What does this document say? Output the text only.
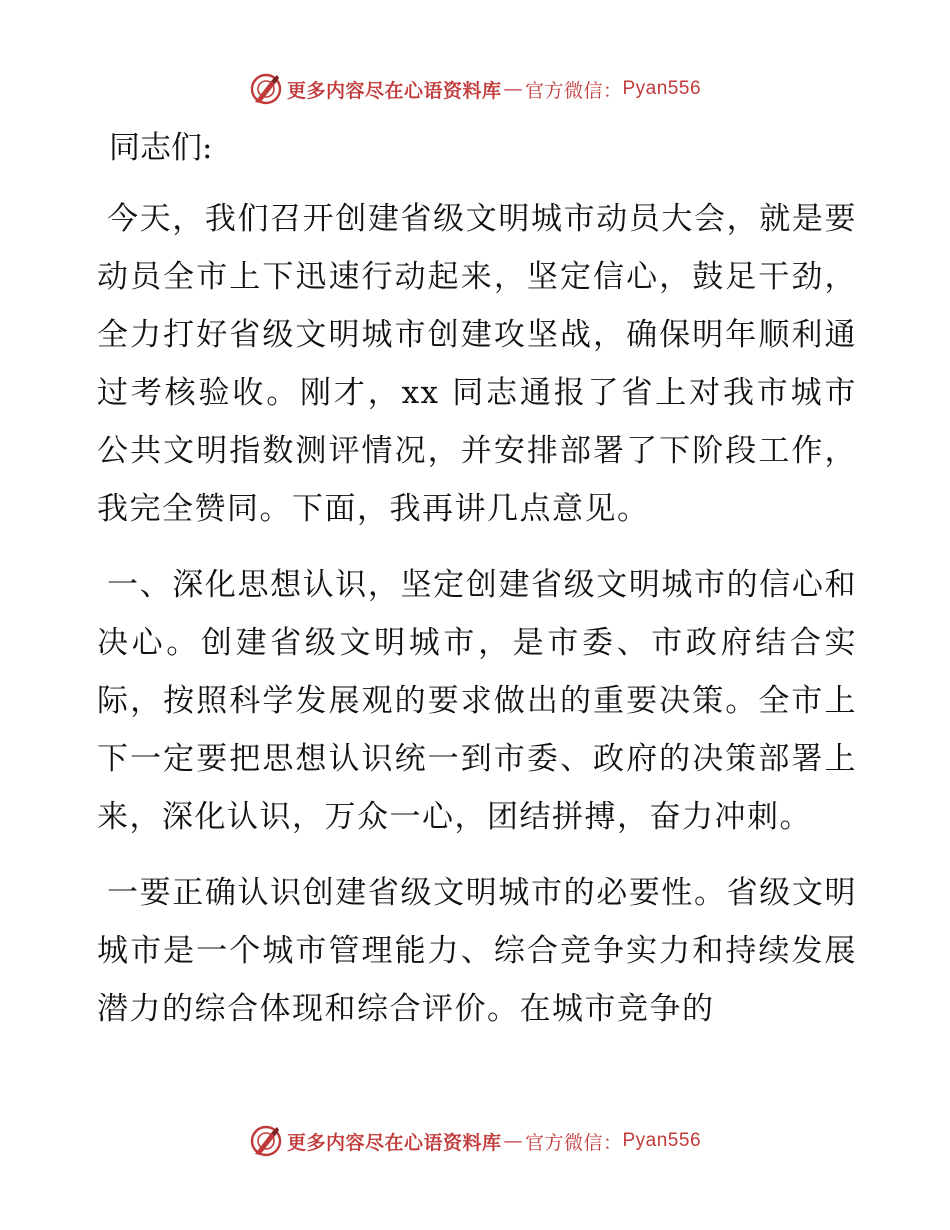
更多内容尽在心语资料库 — 官方微信： Pyan556
同志们:

今天，我们召开创建省级文明城市动员大会，就是要动员全市上下迅速行动起来，坚定信心，鼓足干劲，全力打好省级文明城市创建攻坚战，确保明年顺利通过考核验收。刚才，xx 同志通报了省上对我市城市公共文明指数测评情况，并安排部署了下阶段工作，我完全赞同。下面，我再讲几点意见。

一、深化思想认识，坚定创建省级文明城市的信心和决心。创建省级文明城市，是市委、市政府结合实际，按照科学发展观的要求做出的重要决策。全市上下一定要把思想认识统一到市委、政府的决策部署上来，深化认识，万众一心，团结拼搏，奋力冲刺。

一要正确认识创建省级文明城市的必要性。省级文明城市是一个城市管理能力、综合竞争实力和持续发展潜力的综合体现和综合评价。在城市竞争的

更多内容尽在心语资料库 — 官方微信： Pyan556
